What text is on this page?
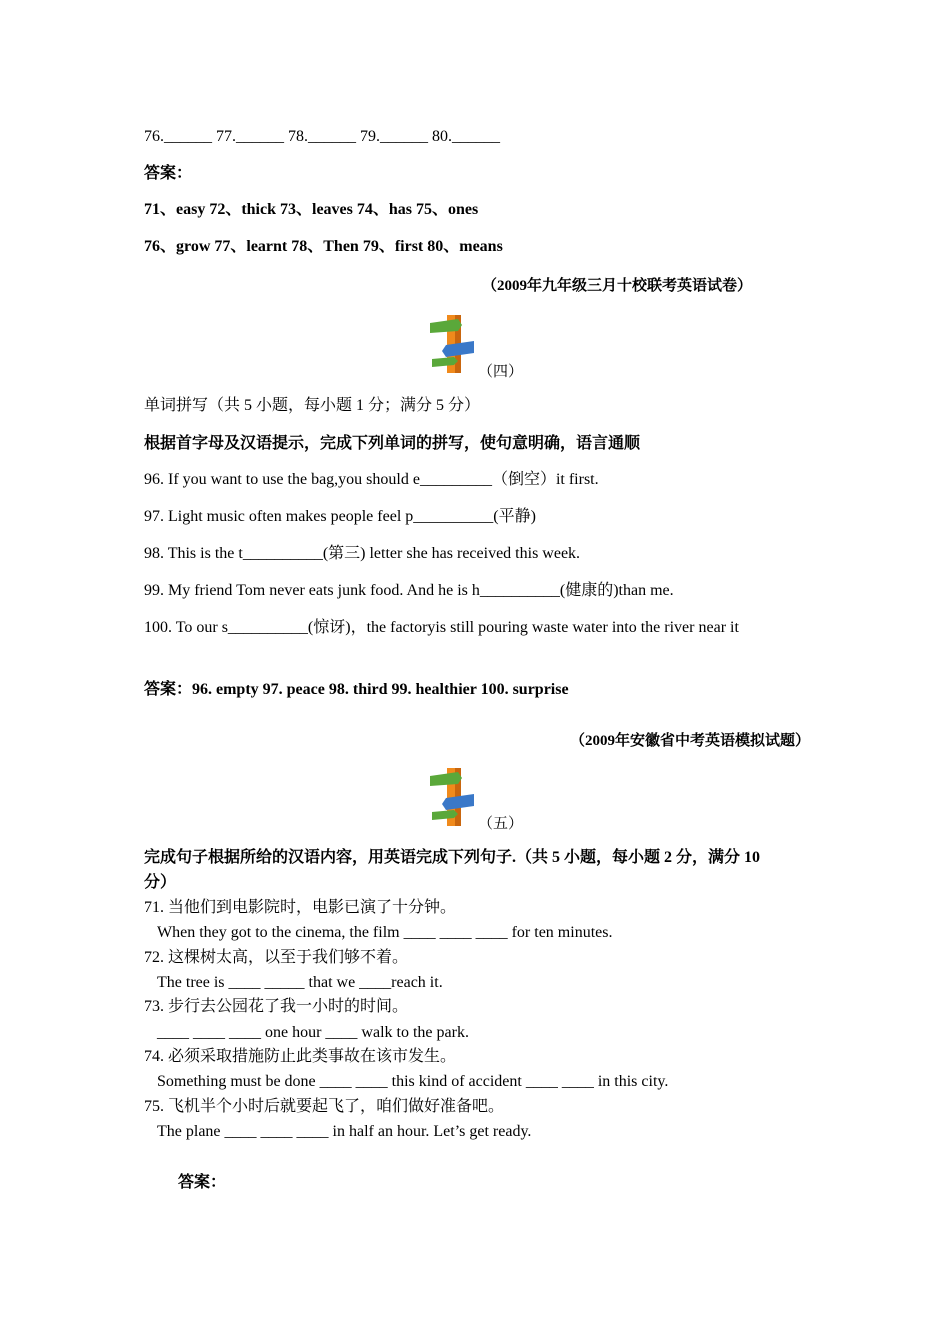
76.______ 77.______ 78.______ 79.______ 80.______
答案：
71、easy 72、thick 73、leaves 74、has 75、ones
76、grow 77、learnt 78、Then 79、first 80、means
（2009年九年级三月十校联考英语试卷）
（四）
单词拼写（共 5 小题，每小题 1 分；满分 5 分）
根据首字母及汉语提示，完成下列单词的拼写，使句意明确，语言通顺
96. If you want to use the bag,you should e_________（倒空）it first.
97. Light music often makes people feel p__________(平静)
98. This is the t__________(第三) letter she has received this week.
99. My friend Tom never eats junk food. And he is h__________(健康的)than me.
100. To our s__________(惊讶)，the factoryis still pouring waste water into the river near it
答案：96. empty 97. peace 98. third 99. healthier 100. surprise
（2009年安徽省中考英语模拟试题）
（五）
完成句子根据所给的汉语内容，用英语完成下列句子.（共 5 小题，每小题 2 分，满分 10
分）
71. 当他们到电影院时，电影已演了十分钟。
When they got to the cinema, the film ____ ____ ____ for ten minutes.
72. 这棵树太高，以至于我们够不着。
The tree is ____ _____ that we ____reach it.
73. 步行去公园花了我一小时的时间。
____ ____ ____ one hour ____ walk to the park.
74. 必须采取措施防止此类事故在该市发生。
Something must be done ____ ____ this kind of accident ____ ____ in this city.
75. 飞机半个小时后就要起飞了，咱们做好准备吧。
The plane ____ ____ ____ in half an hour. Let’s get ready.
答案：
